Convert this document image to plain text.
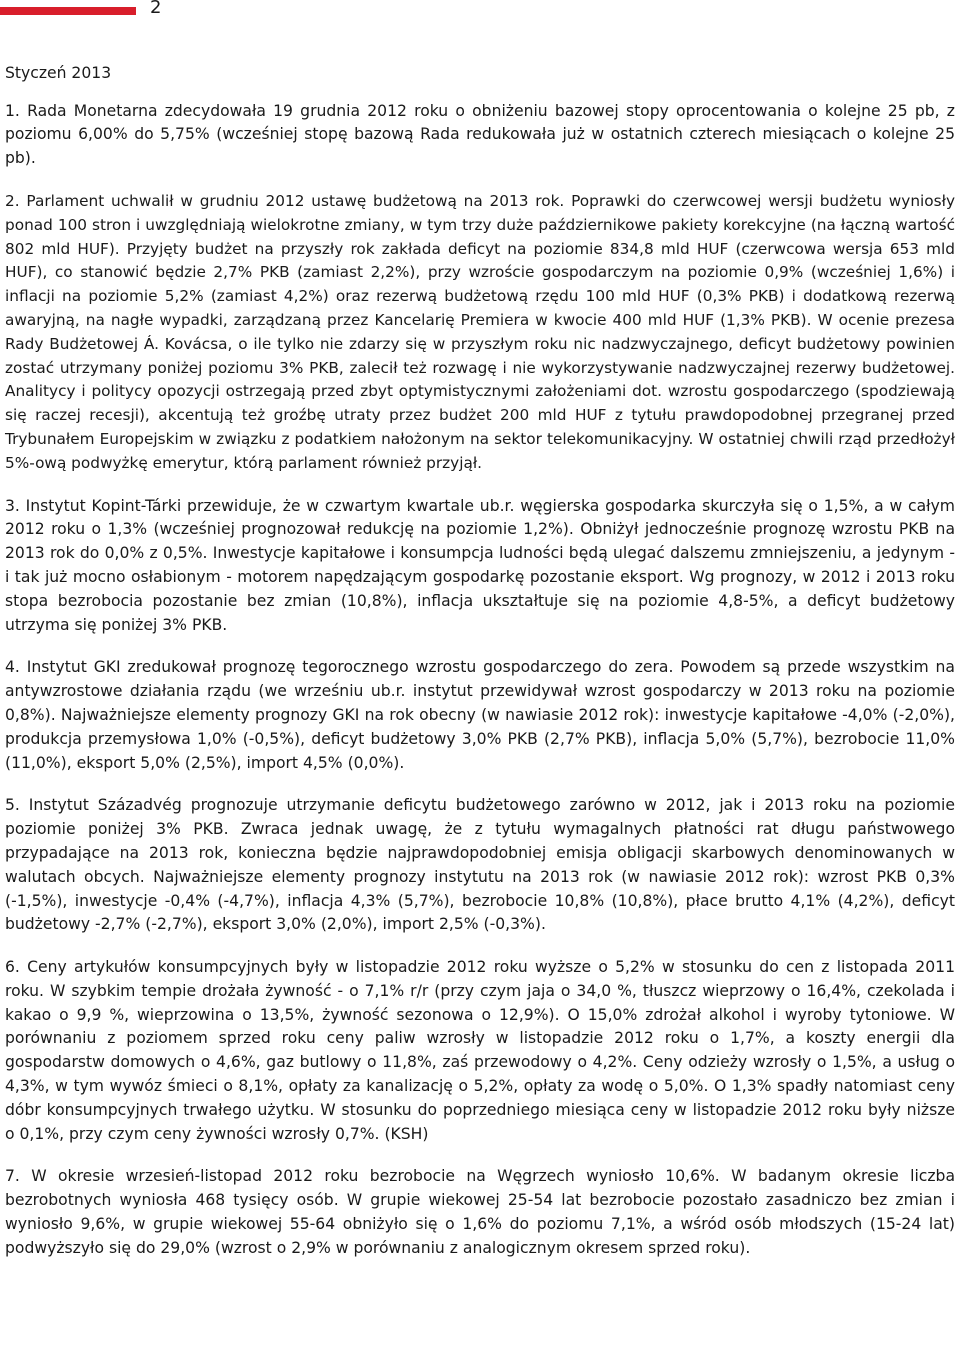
2
Styczeń 2013

1. Rada Monetarna zdecydowała 19 grudnia 2012 roku o obniżeniu bazowej stopy oprocentowania o kolejne 25 pb, z poziomu 6,00% do 5,75% (wcześniej stopę bazową Rada redukowała już w ostatnich czterech miesiącach o kolejne 25 pb).

2. Parlament uchwalił w grudniu 2012 ustawę budżetową na 2013 rok. Poprawki do czerwcowej wersji budżetu wyniosły ponad 100 stron i uwzględniają wielokrotne zmiany, w tym trzy duże październikowe pakiety korekcyjne (na łączną wartość 802 mld HUF). Przyjęty budżet na przyszły rok zakłada deficyt na poziomie 834,8 mld HUF (czerwcowa wersja 653 mld HUF), co stanowić będzie 2,7% PKB (zamiast 2,2%), przy wzroście gospodarczym na poziomie 0,9% (wcześniej 1,6%) i inflacji na poziomie 5,2% (zamiast 4,2%) oraz rezerwą budżetową rzędu 100 mld HUF (0,3% PKB) i dodatkową rezerwą awaryjną, na nagłe wypadki, zarządzaną przez Kancelarię Premiera w kwocie 400 mld HUF (1,3% PKB). W ocenie prezesa Rady Budżetowej Á. Kovácsa, o ile tylko nie zdarzy się w przyszłym roku nic nadzwyczajnego, deficyt budżetowy powinien zostać utrzymany poniżej poziomu 3% PKB, zalecił też rozwagę i nie wykorzystywanie nadzwyczajnej rezerwy budżetowej. Analitycy i politycy opozycji ostrzegają przed zbyt optymistycznymi założeniami dot. wzrostu gospodarczego (spodziewają się raczej recesji), akcentują też groźbę utraty przez budżet 200 mld HUF z tytułu prawdopodobnej przegranej przed Trybunałem Europejskim w związku z podatkiem nałożonym na sektor telekomunikacyjny. W ostatniej chwili rząd przedłożył 5%-ową podwyżkę emerytur, którą parlament również przyjął.

3. Instytut Kopint-Tárki przewiduje, że w czwartym kwartale ub.r. węgierska gospodarka skurczyła się o 1,5%, a w całym 2012 roku o 1,3% (wcześniej prognozował redukcję na poziomie 1,2%). Obniżył jednocześnie prognozę wzrostu PKB na 2013 rok do 0,0% z 0,5%. Inwestycje kapitałowe i konsumpcja ludności będą ulegać dalszemu zmniejszeniu, a jedynym - i tak już mocno osłabionym - motorem napędzającym gospodarkę pozostanie eksport. Wg prognozy, w 2012 i 2013 roku stopa bezrobocia pozostanie bez zmian (10,8%), inflacja ukształtuje się na poziomie 4,8-5%, a deficyt budżetowy utrzyma się poniżej 3% PKB.

4. Instytut GKI zredukował prognozę tegorocznego wzrostu gospodarczego do zera. Powodem są przede wszystkim na antywzrostowe działania rządu (we wrześniu ub.r. instytut przewidywał wzrost gospodarczy w 2013 roku na poziomie 0,8%). Najważniejsze elementy prognozy GKI na rok obecny (w nawiasie 2012 rok): inwestycje kapitałowe -4,0% (-2,0%), produkcja przemysłowa 1,0% (-0,5%), deficyt budżetowy 3,0% PKB (2,7% PKB), inflacja 5,0% (5,7%), bezrobocie 11,0% (11,0%), eksport 5,0% (2,5%), import 4,5% (0,0%).

5. Instytut Századvég prognozuje utrzymanie deficytu budżetowego zarówno w 2012, jak i 2013 roku na poziomie poziomie poniżej 3% PKB. Zwraca jednak uwagę, że z tytułu wymagalnych płatności rat długu państwowego przypadające na 2013 rok, konieczna będzie najprawdopodobniej emisja obligacji skarbowych denominowanych w walutach obcych. Najważniejsze elementy prognozy instytutu na 2013 rok (w nawiasie 2012 rok): wzrost PKB 0,3% (-1,5%), inwestycje -0,4% (-4,7%), inflacja 4,3% (5,7%), bezrobocie 10,8% (10,8%), płace brutto 4,1% (4,2%), deficyt budżetowy -2,7% (-2,7%), eksport 3,0% (2,0%), import 2,5% (-0,3%).

6. Ceny artykułów konsumpcyjnych były w listopadzie 2012 roku wyższe o 5,2% w stosunku do cen z listopada 2011 roku. W szybkim tempie drożała żywność - o 7,1% r/r (przy czym jaja o 34,0 %, tłuszcz wieprzowy o 16,4%, czekolada i kakao o 9,9 %, wieprzowina o 13,5%, żywność sezonowa o 12,9%). O 15,0% zdrożał alkohol i wyroby tytoniowe. W porównaniu z poziomem sprzed roku ceny paliw wzrosły w listopadzie 2012 roku o 1,7%, a koszty energii dla gospodarstw domowych o 4,6%, gaz butlowy o 11,8%, zaś przewodowy o 4,2%. Ceny odzieży wzrosły o 1,5%, a usług o 4,3%, w tym wywóz śmieci o 8,1%, opłaty za kanalizację o 5,2%, opłaty za wodę o 5,0%. O 1,3% spadły natomiast ceny dóbr konsumpcyjnych trwałego użytku. W stosunku do poprzedniego miesiąca ceny w listopadzie 2012 roku były niższe o 0,1%, przy czym ceny żywności wzrosły 0,7%. (KSH)

7. W okresie wrzesień-listopad 2012 roku bezrobocie na Węgrzech wyniosło 10,6%. W badanym okresie liczba bezrobotnych wyniosła 468 tysięcy osób. W grupie wiekowej 25-54 lat bezrobocie pozostało zasadniczo bez zmian i wyniosło 9,6%, w grupie wiekowej 55-64 obniżyło się o 1,6% do poziomu 7,1%, a wśród osób młodszych (15-24 lat) podwyższyło się do 29,0% (wzrost o 2,9% w porównaniu z analogicznym okresem sprzed roku).
